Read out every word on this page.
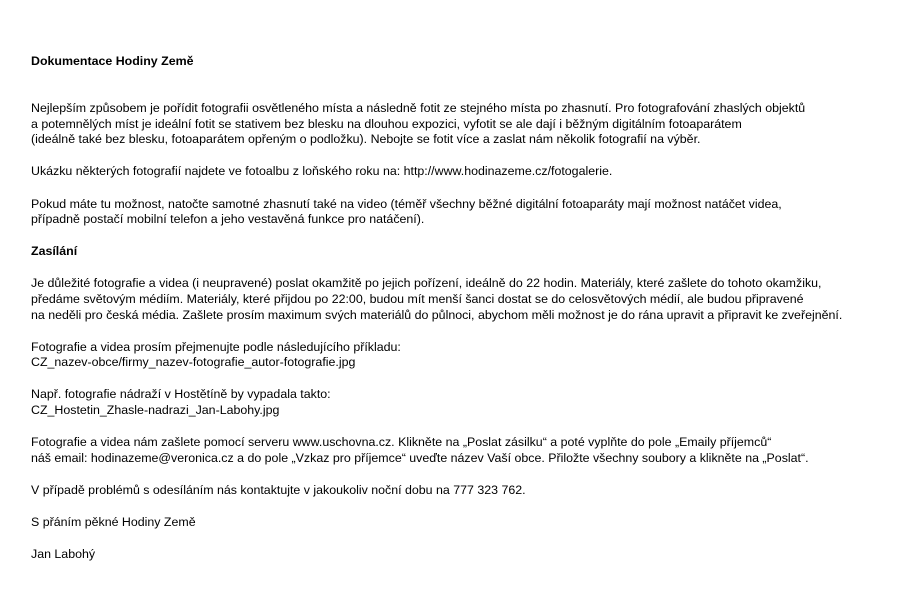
Dokumentace Hodiny Země
Nejlepším způsobem je pořídit fotografii osvětleného místa a následně fotit ze stejného místa po zhasnutí. Pro fotografování zhaslých objektů
a potemnělých míst je ideální fotit se stativem bez blesku na dlouhou expozici, vyfotit se ale dají i běžným digitálním fotoaparátem
(ideálně také bez blesku, fotoaparátem opřeným o podložku). Nebojte se fotit více a zaslat nám několik fotografií na výběr.
Ukázku některých fotografií najdete ve fotoalbu z loňského roku na: http://www.hodinazeme.cz/fotogalerie.
Pokud máte tu možnost, natočte samotné zhasnutí také na video (téměř všechny běžné digitální fotoaparáty mají možnost natáčet videa,
případně postačí mobilní telefon a jeho vestavěná funkce pro natáčení).
Zasílání
Je důležité fotografie a videa (i neupravené) poslat okamžitě po jejich pořízení, ideálně do 22 hodin. Materiály, které zašlete do tohoto okamžiku,
předáme světovým médiím. Materiály, které přijdou po 22:00, budou mít menší šanci dostat se do celosvětových médií, ale budou připravené
na neděli pro česká média. Zašlete prosím maximum svých materiálů do půlnoci, abychom měli možnost je do rána upravit a připravit ke zveřejnění.
Fotografie a videa prosím přejmenujte podle následujícího příkladu:
CZ_nazev-obce/firmy_nazev-fotografie_autor-fotografie.jpg
Např. fotografie nádraží v Hostětíně by vypadala takto:
CZ_Hostetin_Zhasle-nadrazi_Jan-Labohy.jpg
Fotografie a videa nám zašlete pomocí serveru www.uschovna.cz. Klikněte na „Poslat zásilku“ a poté vyplňte do pole „Emaily příjemců“
náš email: hodinazeme@veronica.cz a do pole „Vzkaz pro příjemce“ uveďte název Vaší obce. Přiložte všechny soubory a klikněte na „Poslat“.
V případě problémů s odesíláním nás kontaktujte v jakoukoliv noční dobu na 777 323 762.
S přáním pěkné Hodiny Země
Jan Labohý
